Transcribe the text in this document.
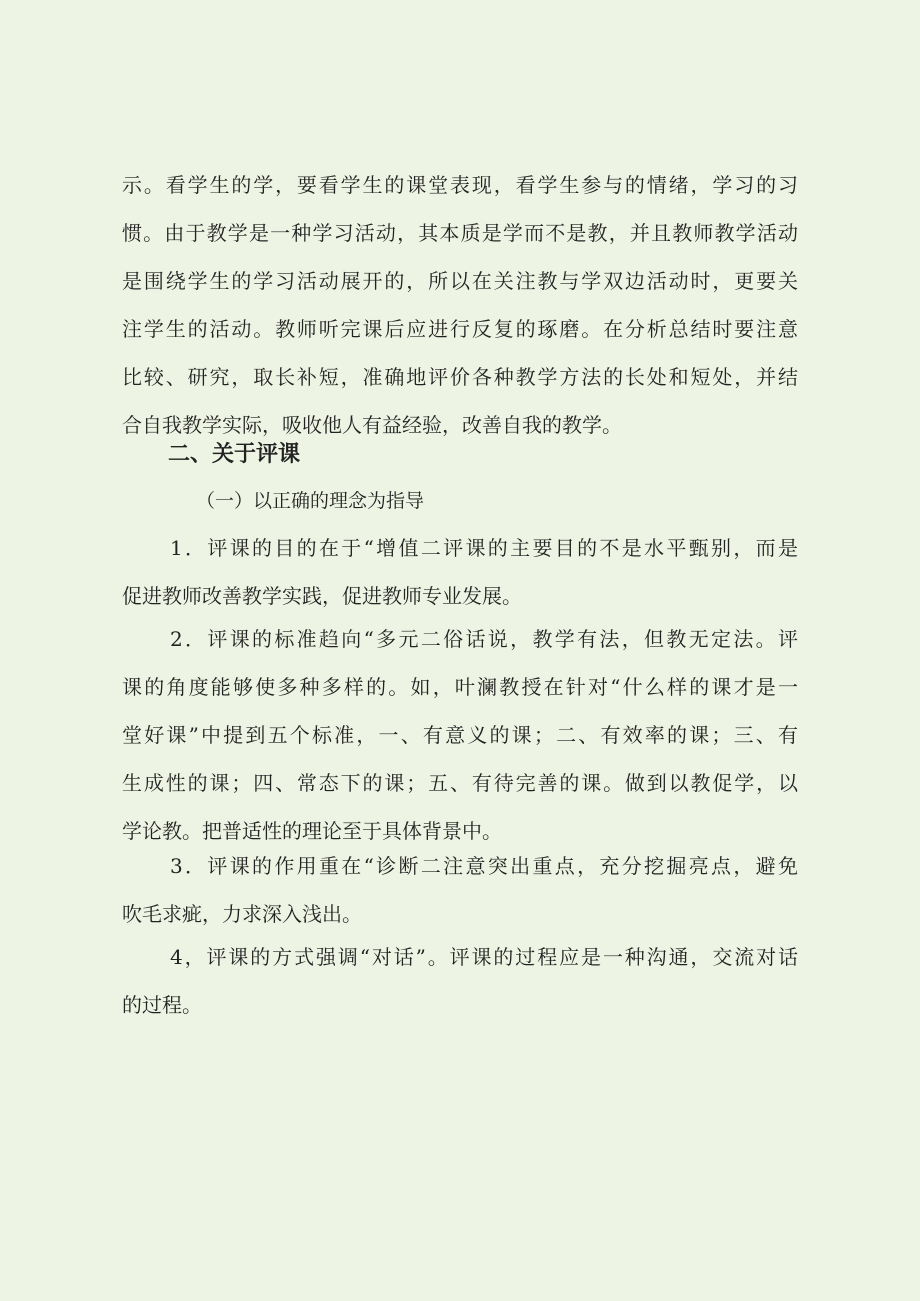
示。看学生的学，要看学生的课堂表现，看学生参与的情绪，学习的习
惯。由于教学是一种学习活动，其本质是学而不是教，并且教师教学活动
是围绕学生的学习活动展开的，所以在关注教与学双边活动时，更要关
注学生的活动。教师听完课后应进行反复的琢磨。在分析总结时要注意
比较、研究，取长补短，准确地评价各种教学方法的长处和短处，并结
合自我教学实际，吸收他人有益经验，改善自我的教学。
二、关于评课

（一）以正确的理念为指导

1．评课的目的在于“增值二评课的主要目的不是水平甄别，而是
促进教师改善教学实践，促进教师专业发展。
2．评课的标准趋向“多元二俗话说，教学有法，但教无定法。评
课的角度能够使多种多样的。如，叶澜教授在针对“什么样的课才是一
堂好课”中提到五个标准，一、有意义的课；二、有效率的课；三、有
生成性的课；四、常态下的课；五、有待完善的课。做到以教促学，以
学论教。把普适性的理论至于具体背景中。
3．评课的作用重在“诊断二注意突出重点，充分挖掘亮点，避免
吹毛求疵，力求深入浅出。
4，评课的方式强调“对话”。评课的过程应是一种沟通，交流对话
的过程。
